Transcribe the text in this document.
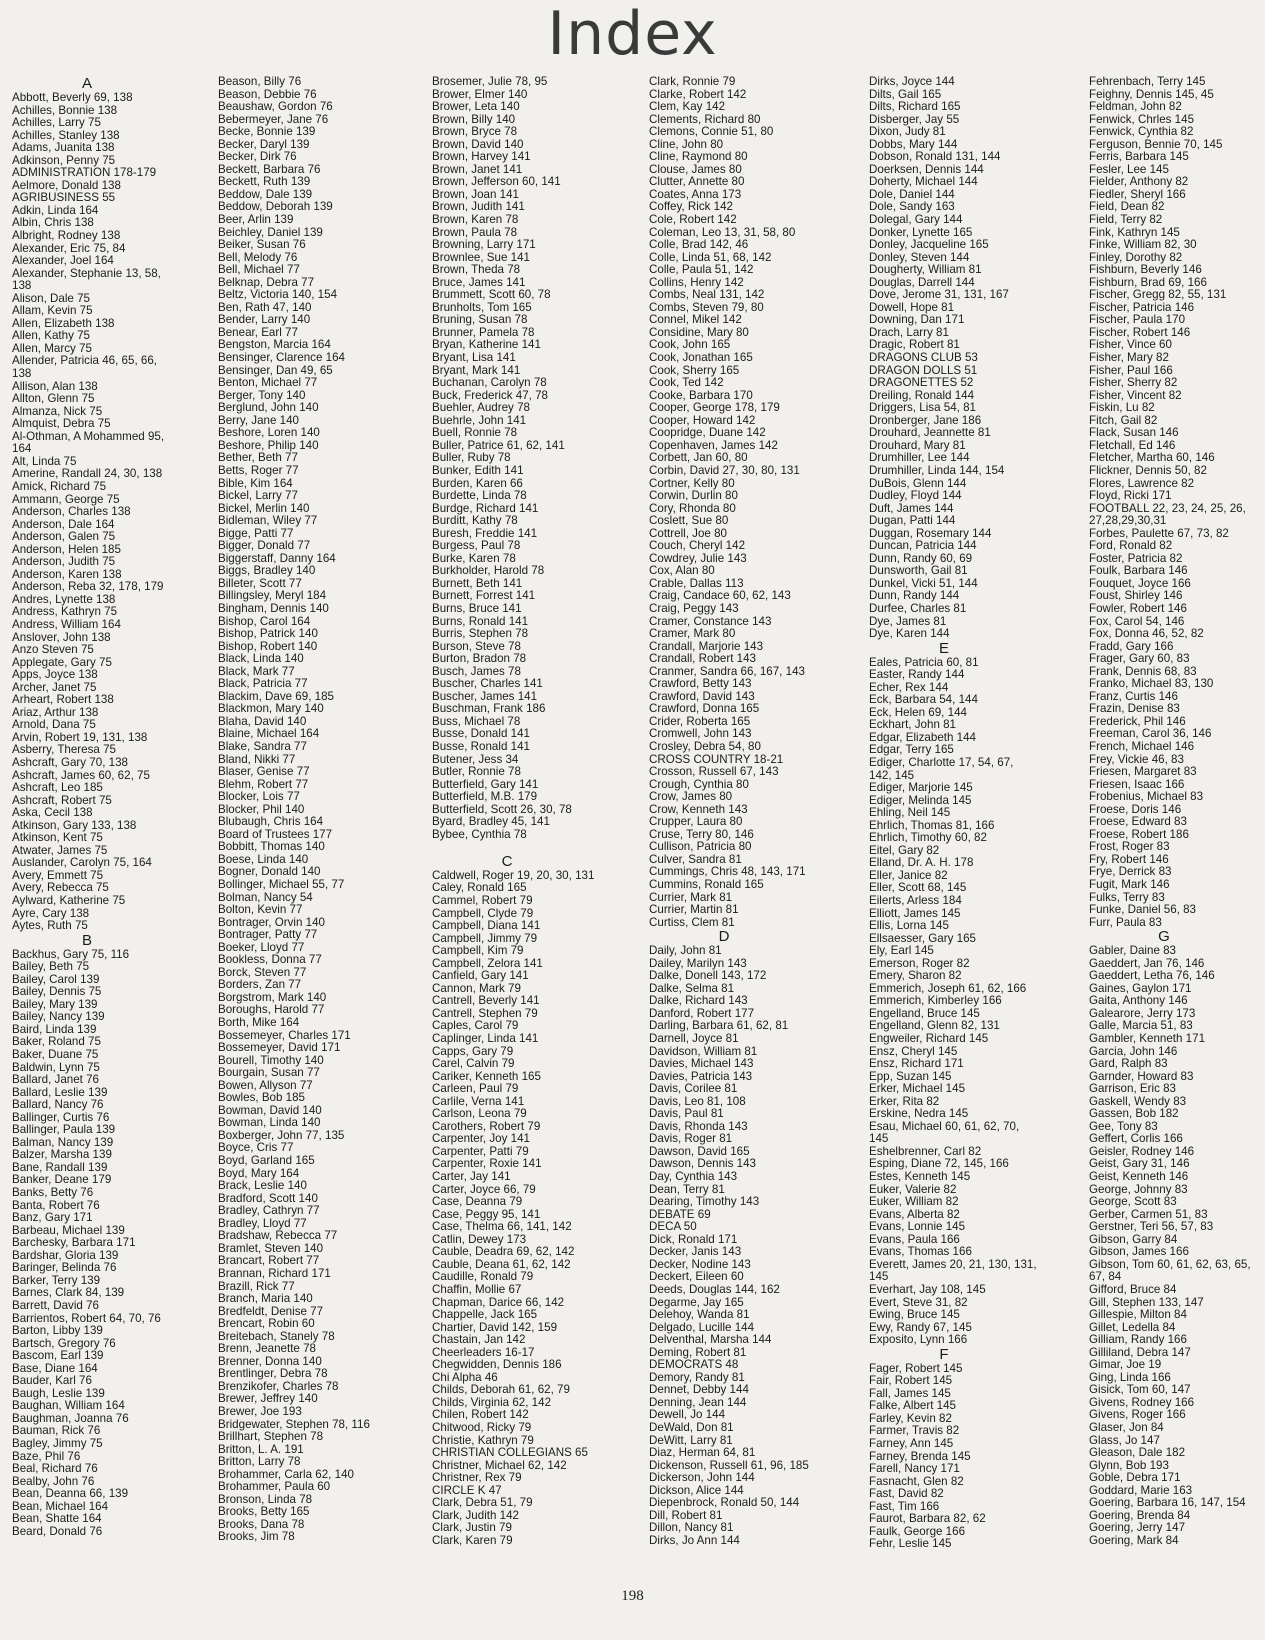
Index
A
Abbott, Beverly 69, 138
Achilles, Bonnie 138
Achilles, Larry 75
Achilles, Stanley 138
Adams, Juanita 138
Adkinson, Penny 75
ADMINISTRATION 178-179
Aelmore, Donald 138
AGRIBUSINESS 55
Adkin, Linda 164
Albin, Chris 138
Albright, Rodney 138
Alexander, Eric 75, 84
Alexander, Joel 164
Alexander, Stephanie 13, 58,
138
Alison, Dale 75
Allam, Kevin 75
Allen, Elizabeth 138
Allen, Kathy 75
Allen, Marcy 75
Allender, Patricia 46, 65, 66,
138
Allison, Alan 138
Allton, Glenn 75
Almanza, Nick 75
Almquist, Debra 75
Al-Othman, A Mohammed 95,
164
Alt, Linda 75
Amerine, Randall 24, 30, 138
Amick, Richard 75
Ammann, George 75
Anderson, Charles 138
Anderson, Dale 164
Anderson, Galen 75
Anderson, Helen 185
Anderson, Judith 75
Anderson, Karen 138
Anderson, Reba 32, 178, 179
Andres, Lynette 138
Andress, Kathryn 75
Andress, William 164
Anslover, John 138
Anzo Steven 75
Applegate, Gary 75
Apps, Joyce 138
Archer, Janet 75
Arheart, Robert 138
Ariaz, Arthur 138
Arnold, Dana 75
Arvin, Robert 19, 131, 138
Asberry, Theresa 75
Ashcraft, Gary 70, 138
Ashcraft, James 60, 62, 75
Ashcraft, Leo 185
Ashcraft, Robert 75
Aska, Cecil 138
Atkinson, Gary 133, 138
Atkinson, Kent 75
Atwater, James 75
Auslander, Carolyn 75, 164
Avery, Emmett 75
Avery, Rebecca 75
Aylward, Katherine 75
Ayre, Cary 138
Aytes, Ruth 75
B
Backhus, Gary 75, 116
Bailey, Beth 75
Bailey, Carol 139
Bailey, Dennis 75
Bailey, Mary 139
Bailey, Nancy 139
Baird, Linda 139
Baker, Roland 75
Baker, Duane 75
Baldwin, Lynn 75
Ballard, Janet 76
Ballard, Leslie 139
Ballard, Nancy 76
Ballinger, Curtis 76
Ballinger, Paula 139
Balman, Nancy 139
Balzer, Marsha 139
Bane, Randall 139
Banker, Deane 179
Banks, Betty 76
Banta, Robert 76
Banz, Gary 171
Barbeau, Michael 139
Barchesky, Barbara 171
Bardshar, Gloria 139
Baringer, Belinda 76
Barker, Terry 139
Barnes, Clark 84, 139
Barrett, David 76
Barrientos, Robert 64, 70, 76
Barton, Libby 139
Bartsch, Gregory 76
Bascom, Earl 139
Base, Diane 164
Bauder, Karl 76
Baugh, Leslie 139
Baughan, William 164
Baughman, Joanna 76
Bauman, Rick 76
Bagley, Jimmy 75
Baze, Phil 76
Beal, Richard 76
Bealby, John 76
Bean, Deanna 66, 139
Bean, Michael 164
Bean, Shatte 164
Beard, Donald 76
Beason, Billy 76
Beason, Debbie 76
Beaushaw, Gordon 76
Bebermeyer, Jane 76
Becke, Bonnie 139
Becker, Daryl 139
Becker, Dirk 76
Beckett, Barbara 76
Beckett, Ruth 139
Beddow, Dale 139
Beddow, Deborah 139
Beer, Arlin 139
Beichley, Daniel 139
Beiker, Susan 76
Bell, Melody 76
Bell, Michael 77
Belknap, Debra 77
Beltz, Victoria 140, 154
Ben, Rath 47, 140
Bender, Larry 140
Benear, Earl 77
Bengston, Marcia 164
Bensinger, Clarence 164
Bensinger, Dan 49, 65
Benton, Michael 77
Berger, Tony 140
Berglund, John 140
Berry, Jane 140
Beshore, Loren 140
Beshore, Philip 140
Bether, Beth 77
Betts, Roger 77
Bible, Kim 164
Bickel, Larry 77
Bickel, Merlin 140
Bidleman, Wiley 77
Bigge, Patti 77
Bigger, Donald 77
Biggerstaff, Danny 164
Biggs, Bradley 140
Billeter, Scott 77
Billingsley, Meryl 184
Bingham, Dennis 140
Bishop, Carol 164
Bishop, Patrick 140
Bishop, Robert 140
Black, Linda 140
Black, Mark 77
Black, Patricia 77
Blackim, Dave 69, 185
Blackmon, Mary 140
Blaha, David 140
Blaine, Michael 164
Blake, Sandra 77
Bland, Nikki 77
Blaser, Genise 77
Blehm, Robert 77
Blocker, Lois 77
Blocker, Phil 140
Blubaugh, Chris 164
Board of Trustees 177
Bobbitt, Thomas 140
Boese, Linda 140
Bogner, Donald 140
Bollinger, Michael 55, 77
Bolman, Nancy 54
Bolton, Kevin 77
Bontrager, Orvin 140
Bontrager, Patty 77
Boeker, Lloyd 77
Bookless, Donna 77
Borck, Steven 77
Borders, Zan 77
Borgstrom, Mark 140
Boroughs, Harold 77
Borth, Mike 164
Bossemeyer, Charles 171
Bossemeyer, David 171
Bourell, Timothy 140
Bourgain, Susan 77
Bowen, Allyson 77
Bowles, Bob 185
Bowman, David 140
Bowman, Linda 140
Boxberger, John 77, 135
Boyce, Cris 77
Boyd, Garland 165
Boyd, Mary 164
Brack, Leslie 140
Bradford, Scott 140
Bradley, Cathryn 77
Bradley, Lloyd 77
Bradshaw, Rebecca 77
Bramlet, Steven 140
Brancart, Robert 77
Brannan, Richard 171
Brazill, Rick 77
Branch, Maria 140
Bredfeldt, Denise 77
Brencart, Robin 60
Breitebach, Stanely 78
Brenn, Jeanette 78
Brenner, Donna 140
Brentlinger, Debra 78
Brenzikofer, Charles 78
Brewer, Jeffrey 140
Brewer, Joe 193
Bridgewater, Stephen 78, 116
Brillhart, Stephen 78
Britton, L. A. 191
Britton, Larry 78
Brohammer, Carla 62, 140
Brohammer, Paula 60
Bronson, Linda 78
Brooks, Betty 165
Brooks, Dana 78
Brooks, Jim 78
Brosemer, Julie 78, 95
Brower, Elmer 140
Brower, Leta 140
Brown, Billy 140
Brown, Bryce 78
Brown, David 140
Brown, Harvey 141
Brown, Janet 141
Brown, Jefferson 60, 141
Brown, Joan 141
Brown, Judith 141
Brown, Karen 78
Brown, Paula 78
Browning, Larry 171
Brownlee, Sue 141
Brown, Theda 78
Bruce, James 141
Brummett, Scott 60, 78
Brunholts, Tom 165
Bruning, Susan 78
Brunner, Pamela 78
Bryan, Katherine 141
Bryant, Lisa 141
Bryant, Mark 141
Buchanan, Carolyn 78
Buck, Frederick 47, 78
Buehler, Audrey 78
Buehrle, John 141
Buell, Ronnie 78
Buller, Patrice 61, 62, 141
Buller, Ruby 78
Bunker, Edith 141
Burden, Karen 66
Burdette, Linda 78
Burdge, Richard 141
Burditt, Kathy 78
Buresh, Freddie 141
Burgess, Paul 78
Burke, Karen 78
Burkholder, Harold 78
Burnett, Beth 141
Burnett, Forrest 141
Burns, Bruce 141
Burns, Ronald 141
Burris, Stephen 78
Burson, Steve 78
Burton, Bradon 78
Busch, James 78
Buscher, Charles 141
Buscher, James 141
Buschman, Frank 186
Buss, Michael 78
Busse, Donald 141
Busse, Ronald 141
Butener, Jess 34
Butler, Ronnie 78
Butterfield, Gary 141
Butterfield, M.B. 179
Butterfield, Scott 26, 30, 78
Byard, Bradley 45, 141
Bybee, Cynthia 78

C
Caldwell, Roger 19, 20, 30, 131
Caley, Ronald 165
Cammel, Robert 79
Campbell, Clyde 79
Campbell, Diana 141
Campbell, Jimmy 79
Campbell, Kim 79
Campbell, Zelora 141
Canfield, Gary 141
Cannon, Mark 79
Cantrell, Beverly 141
Cantrell, Stephen 79
Caples, Carol 79
Caplinger, Linda 141
Capps, Gary 79
Carel, Calvin 79
Cariker, Kenneth 165
Carleen, Paul 79
Carlile, Verna 141
Carlson, Leona 79
Carothers, Robert 79
Carpenter, Joy 141
Carpenter, Patti 79
Carpenter, Roxie 141
Carter, Jay 141
Carter, Joyce 66, 79
Case, Deanna 79
Case, Peggy 95, 141
Case, Thelma 66, 141, 142
Catlin, Dewey 173
Cauble, Deadra 69, 62, 142
Cauble, Deana 61, 62, 142
Caudille, Ronald 79
Chaffin, Mollie 67
Chapman, Darice 66, 142
Chappelle, Jack 165
Chartier, David 142, 159
Chastain, Jan 142
Cheerleaders 16-17
Chegwidden, Dennis 186
Chi Alpha 46
Childs, Deborah 61, 62, 79
Childs, Virginia 62, 142
Chilen, Robert 142
Chitwood, Ricky 79
Christie, Kathryn 79
CHRISTIAN COLLEGIANS 65
Christner, Michael 62, 142
Christner, Rex 79
CIRCLE K 47
Clark, Debra 51, 79
Clark, Judith 142
Clark, Justin 79
Clark, Karen 79
Clark, Ronnie 79
Clarke, Robert 142
Clem, Kay 142
Clements, Richard 80
Clemons, Connie 51, 80
Cline, John 80
Cline, Raymond 80
Clouse, James 80
Clutter, Annette 80
Coates, Anna 173
Coffey, Rick 142
Cole, Robert 142
Coleman, Leo 13, 31, 58, 80
Colle, Brad 142, 46
Colle, Linda 51, 68, 142
Colle, Paula 51, 142
Collins, Henry 142
Combs, Neal 131, 142
Combs, Steven 79, 80
Connel, Mikel 142
Considine, Mary 80
Cook, John 165
Cook, Jonathan 165
Cook, Sherry 165
Cook, Ted 142
Cooke, Barbara 170
Cooper, George 178, 179
Cooper, Howard 142
Coopridge, Duane 142
Copenhaven, James 142
Corbett, Jan 60, 80
Corbin, David 27, 30, 80, 131
Cortner, Kelly 80
Corwin, Durlin 80
Cory, Rhonda 80
Coslett, Sue 80
Cottrell, Joe 80
Couch, Cheryl 142
Cowdrey, Julie 143
Cox, Alan 80
Crable, Dallas 113
Craig, Candace 60, 62, 143
Craig, Peggy 143
Cramer, Constance 143
Cramer, Mark 80
Crandall, Marjorie 143
Crandall, Robert 143
Cranmer, Sandra 66, 167, 143
Crawford, Betty 143
Crawford, David 143
Crawford, Donna 165
Crider, Roberta 165
Cromwell, John 143
Crosley, Debra 54, 80
CROSS COUNTRY 18-21
Crosson, Russell 67, 143
Crough, Cynthia 80
Crow, James 80
Crow, Kenneth 143
Crupper, Laura 80
Cruse, Terry 80, 146
Cullison, Patricia 80
Culver, Sandra 81
Cummings, Chris 48, 143, 171
Cummins, Ronald 165
Currier, Mark 81
Currier, Martin 81
Curtiss, Clem 81
D
Daily, John 81
Dailey, Marilyn 143
Dalke, Donell 143, 172
Dalke, Selma 81
Dalke, Richard 143
Danford, Robert 177
Darling, Barbara 61, 62, 81
Darnell, Joyce 81
Davidson, William 81
Davies, Michael 143
Davies, Patricia 143
Davis, Corilee 81
Davis, Leo 81, 108
Davis, Paul 81
Davis, Rhonda 143
Davis, Roger 81
Dawson, David 165
Dawson, Dennis 143
Day, Cynthia 143
Dean, Terry 81
Dearing, Timothy 143
DEBATE 69
DECA 50
Dick, Ronald 171
Decker, Janis 143
Decker, Nodine 143
Deckert, Eileen 60
Deeds, Douglas 144, 162
Degarme, Jay 165
Delehoy, Wanda 81
Delgado, Lucille 144
Delventhal, Marsha 144
Deming, Robert 81
DEMOCRATS 48
Demory, Randy 81
Dennet, Debby 144
Denning, Jean 144
Dewell, Jo 144
DeWald, Don 81
DeWitt, Larry 81
Diaz, Herman 64, 81
Dickenson, Russell 61, 96, 185
Dickerson, John 144
Dickson, Alice 144
Diepenbrock, Ronald 50, 144
Dill, Robert 81
Dillon, Nancy 81
Dirks, Jo Ann 144
Dirks, Joyce 144
Dilts, Gail 165
Dilts, Richard 165
Disberger, Jay 55
Dixon, Judy 81
Dobbs, Mary 144
Dobson, Ronald 131, 144
Doerksen, Dennis 144
Doherty, Michael 144
Dole, Daniel 144
Dole, Sandy 163
Dolegal, Gary 144
Donker, Lynette 165
Donley, Jacqueline 165
Donley, Steven 144
Dougherty, William 81
Douglas, Darrell 144
Dove, Jerome 31, 131, 167
Dowell, Hope 81
Downing, Dan 171
Drach, Larry 81
Dragic, Robert 81
DRAGONS CLUB 53
DRAGON DOLLS 51
DRAGONETTES 52
Dreiling, Ronald 144
Driggers, Lisa 54, 81
Dronberger, Jane 186
Drouhard, Jeannette 81
Drouhard, Mary 81
Drumhiller, Lee 144
Drumhiller, Linda 144, 154
DuBois, Glenn 144
Dudley, Floyd 144
Duft, James 144
Dugan, Patti 144
Duggan, Rosemary 144
Duncan, Patricia 144
Dunn, Randy 60, 69
Dunsworth, Gail 81
Dunkel, Vicki 51, 144
Dunn, Randy 144
Durfee, Charles 81
Dye, James 81
Dye, Karen 144
E
Eales, Patricia 60, 81
Easter, Randy 144
Echer, Rex 144
Eck, Barbara 54, 144
Eck, Helen 69, 144
Eckhart, John 81
Edgar, Elizabeth 144
Edgar, Terry 165
Ediger, Charlotte 17, 54, 67,
142, 145
Ediger, Marjorie 145
Ediger, Melinda 145
Ehling, Neil 145
Ehrlich, Thomas 81, 166
Ehrlich, Timothy 60, 82
Eitel, Gary 82
Elland, Dr. A. H. 178
Eller, Janice 82
Eller, Scott 68, 145
Eilerts, Arless 184
Elliott, James 145
Ellis, Lorna 145
Ellsaesser, Gary 165
Ely, Earl 145
Emerson, Roger 82
Emery, Sharon 82
Emmerich, Joseph 61, 62, 166
Emmerich, Kimberley 166
Engelland, Bruce 145
Engelland, Glenn 82, 131
Engweiler, Richard 145
Ensz, Cheryl 145
Ensz, Richard 171
Epp, Suzan 145
Erker, Michael 145
Erker, Rita 82
Erskine, Nedra 145
Esau, Michael 60, 61, 62, 70,
145
Eshelbrenner, Carl 82
Esping, Diane 72, 145, 166
Estes, Kenneth 145
Euker, Valerie 82
Euker, William 82
Evans, Alberta 82
Evans, Lonnie 145
Evans, Paula 166
Evans, Thomas 166
Everett, James 20, 21, 130, 131,
145
Everhart, Jay 108, 145
Evert, Steve 31, 82
Ewing, Bruce 145
Ewy, Randy 67, 145
Exposito, Lynn 166
F
Fager, Robert 145
Fair, Robert 145
Fall, James 145
Falke, Albert 145
Farley, Kevin 82
Farmer, Travis 82
Farney, Ann 145
Farney, Brenda 145
Farell, Nancy 171
Fasnacht, Glen 82
Fast, David 82
Fast, Tim 166
Faurot, Barbara 82, 62
Faulk, George 166
Fehr, Leslie 145
Fehrenbach, Terry 145
Feighny, Dennis 145, 45
Feldman, John 82
Fenwick, Chrles 145
Fenwick, Cynthia 82
Ferguson, Bennie 70, 145
Ferris, Barbara 145
Fesler, Lee 145
Fielder, Anthony 82
Fiedler, Sheryl 166
Field, Dean 82
Field, Terry 82
Fink, Kathryn 145
Finke, William 82, 30
Finley, Dorothy 82
Fishburn, Beverly 146
Fishburn, Brad 69, 166
Fischer, Gregg 82, 55, 131
Fischer, Patricia 146
Fischer, Paula 170
Fischer, Robert 146
Fisher, Vince 60
Fisher, Mary 82
Fisher, Paul 166
Fisher, Sherry 82
Fisher, Vincent 82
Fiskin, Lu 82
Fitch, Gail 82
Flack, Susan 146
Fletchall, Ed 146
Fletcher, Martha 60, 146
Flickner, Dennis 50, 82
Flores, Lawrence 82
Floyd, Ricki 171
FOOTBALL 22, 23, 24, 25, 26,
27,28,29,30,31
Forbes, Paulette 67, 73, 82
Ford, Ronald 82
Foster, Patricia 82
Foulk, Barbara 146
Fouquet, Joyce 166
Foust, Shirley 146
Fowler, Robert 146
Fox, Carol 54, 146
Fox, Donna 46, 52, 82
Fradd, Gary 166
Frager, Gary 60, 83
Frank, Dennis 68, 83
Franko, Michael 83, 130
Franz, Curtis 146
Frazin, Denise 83
Frederick, Phil 146
Freeman, Carol 36, 146
French, Michael 146
Frey, Vickie 46, 83
Friesen, Margaret 83
Friesen, Isaac 166
Frobenius, Michael 83
Froese, Doris 146
Froese, Edward 83
Froese, Robert 186
Frost, Roger 83
Fry, Robert 146
Frye, Derrick 83
Fugit, Mark 146
Fulks, Terry 83
Funke, Daniel 56, 83
Furr, Paula 83
G
Gabler, Daine 83
Gaeddert, Jan 76, 146
Gaeddert, Letha 76, 146
Gaines, Gaylon 171
Gaita, Anthony 146
Galearore, Jerry 173
Galle, Marcia 51, 83
Gambler, Kenneth 171
Garcia, John 146
Gard, Ralph 83
Garnder, Howard 83
Garrison, Eric 83
Gaskell, Wendy 83
Gassen, Bob 182
Gee, Tony 83
Geffert, Corlis 166
Geisler, Rodney 146
Geist, Gary 31, 146
Geist, Kenneth 146
George, Johnny 83
George, Scott 83
Gerber, Carmen 51, 83
Gerstner, Teri 56, 57, 83
Gibson, Garry 84
Gibson, James 166
Gibson, Tom 60, 61, 62, 63, 65,
67, 84
Gifford, Bruce 84
Gill, Stephen 133, 147
Gillespie, Milton 84
Gillet, Ledella 84
Gilliam, Randy 166
Gilliland, Debra 147
Gimar, Joe 19
Ging, Linda 166
Gisick, Tom 60, 147
Givens, Rodney 166
Givens, Roger 166
Glaser, Jon 84
Glass, Jo 147
Gleason, Dale 182
Glynn, Bob 193
Goble, Debra 171
Goddard, Marie 163
Goering, Barbara 16, 147, 154
Goering, Brenda 84
Goering, Jerry 147
Goering, Mark 84
198
